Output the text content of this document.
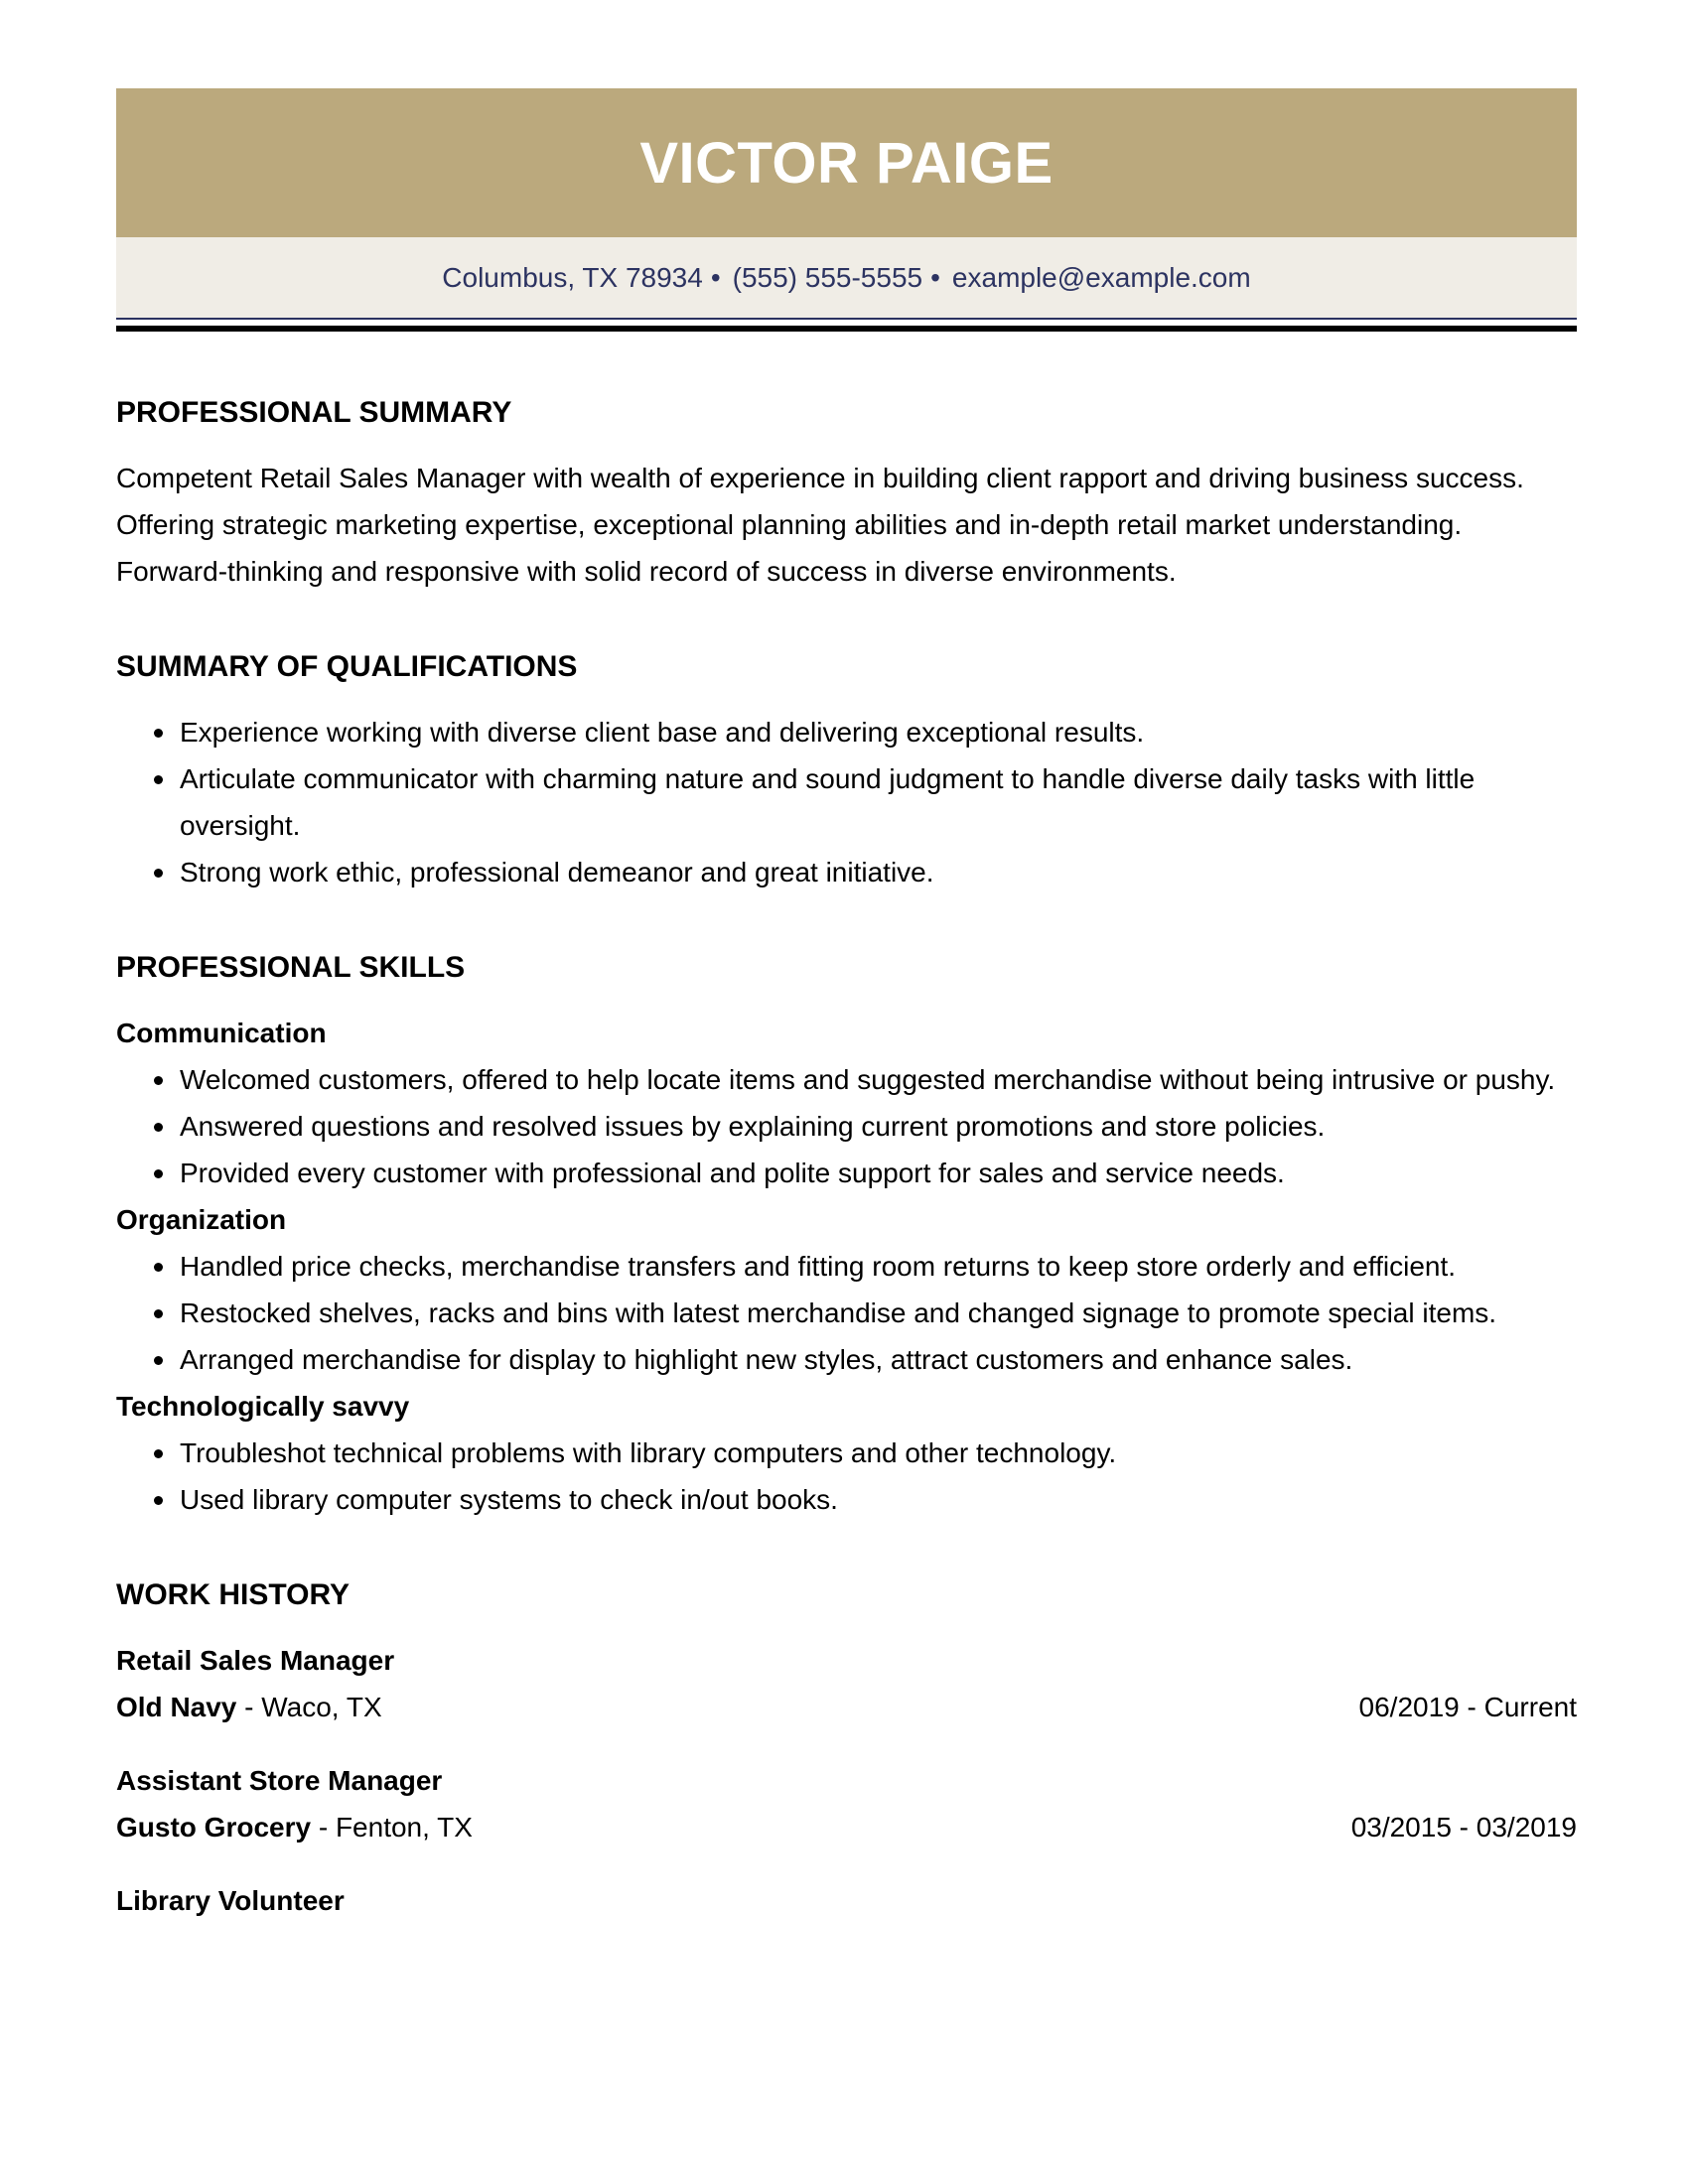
VICTOR PAIGE
Columbus, TX 78934 • (555) 555-5555 • example@example.com
PROFESSIONAL SUMMARY

Competent Retail Sales Manager with wealth of experience in building client rapport and driving business success. Offering strategic marketing expertise, exceptional planning abilities and in-depth retail market understanding. Forward-thinking and responsive with solid record of success in diverse environments.

SUMMARY OF QUALIFICATIONS
Experience working with diverse client base and delivering exceptional results.
Articulate communicator with charming nature and sound judgment to handle diverse daily tasks with little oversight.
Strong work ethic, professional demeanor and great initiative.
PROFESSIONAL SKILLS
Communication
Welcomed customers, offered to help locate items and suggested merchandise without being intrusive or pushy.
Answered questions and resolved issues by explaining current promotions and store policies.
Provided every customer with professional and polite support for sales and service needs.
Organization
Handled price checks, merchandise transfers and fitting room returns to keep store orderly and efficient.
Restocked shelves, racks and bins with latest merchandise and changed signage to promote special items.
Arranged merchandise for display to highlight new styles, attract customers and enhance sales.
Technologically savvy
Troubleshot technical problems with library computers and other technology.
Used library computer systems to check in/out books.
WORK HISTORY
Retail Sales Manager
Old Navy - Waco, TX	06/2019 - Current
Assistant Store Manager
Gusto Grocery - Fenton, TX	03/2015 - 03/2019
Library Volunteer
